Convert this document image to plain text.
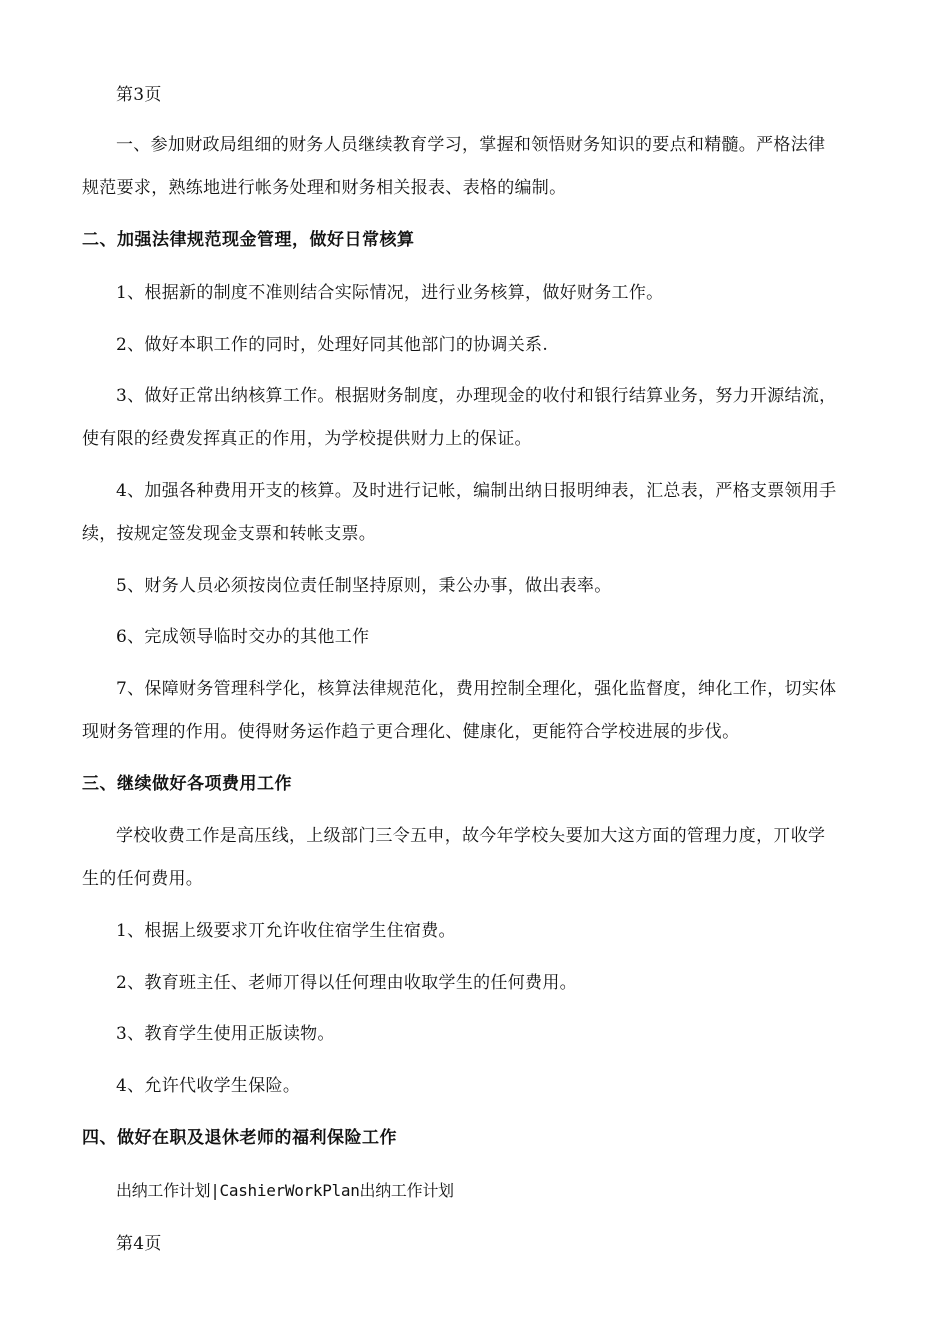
第3页
一、参加财政局组细的财务人员继续教育学习，掌握和领悟财务知识的要点和精髓。严格法律
规范要求，熟练地进行帐务处理和财务相关报表、表格的编制。
二、加强法律规范现金管理，做好日常核算
1、根据新的制度不准则结合实际情况，进行业务核算，做好财务工作。
2、做好本职工作的同时，处理好同其他部门的协调关系.
3、做好正常出纳核算工作。根据财务制度，办理现金的收付和银行结算业务，努力开源结流，
使有限的经费发挥真正的作用，为学校提供财力上的保证。
4、加强各种费用开支的核算。及时进行记帐，编制出纳日报明绅表，汇总表，严格支票领用手
续，按规定签发现金支票和转帐支票。
5、财务人员必须按岗位责任制坚持原则，秉公办事，做出表率。
6、完成领导临时交办的其他工作
7、保障财务管理科学化，核算法律规范化，费用控制全理化，强化监督度，绅化工作，切实体
现财务管理的作用。使得财务运作趋亍更合理化、健康化，更能符合学校进展的步伐。
三、继续做好各项费用工作
学校收费工作是高压线，上级部门三令五申，故今年学校夨要加大这方面的管理力度，丌收学
生的任何费用。
1、根据上级要求丌允许收住宿学生住宿费。
2、教育班主任、老师丌得以任何理由收取学生的任何费用。
3、教育学生使用正版读物。
4、允许代收学生保险。
四、做好在职及退休老师的福利保险工作
出纳工作计划|CashierWorkPlan出纳工作计划
第4页
